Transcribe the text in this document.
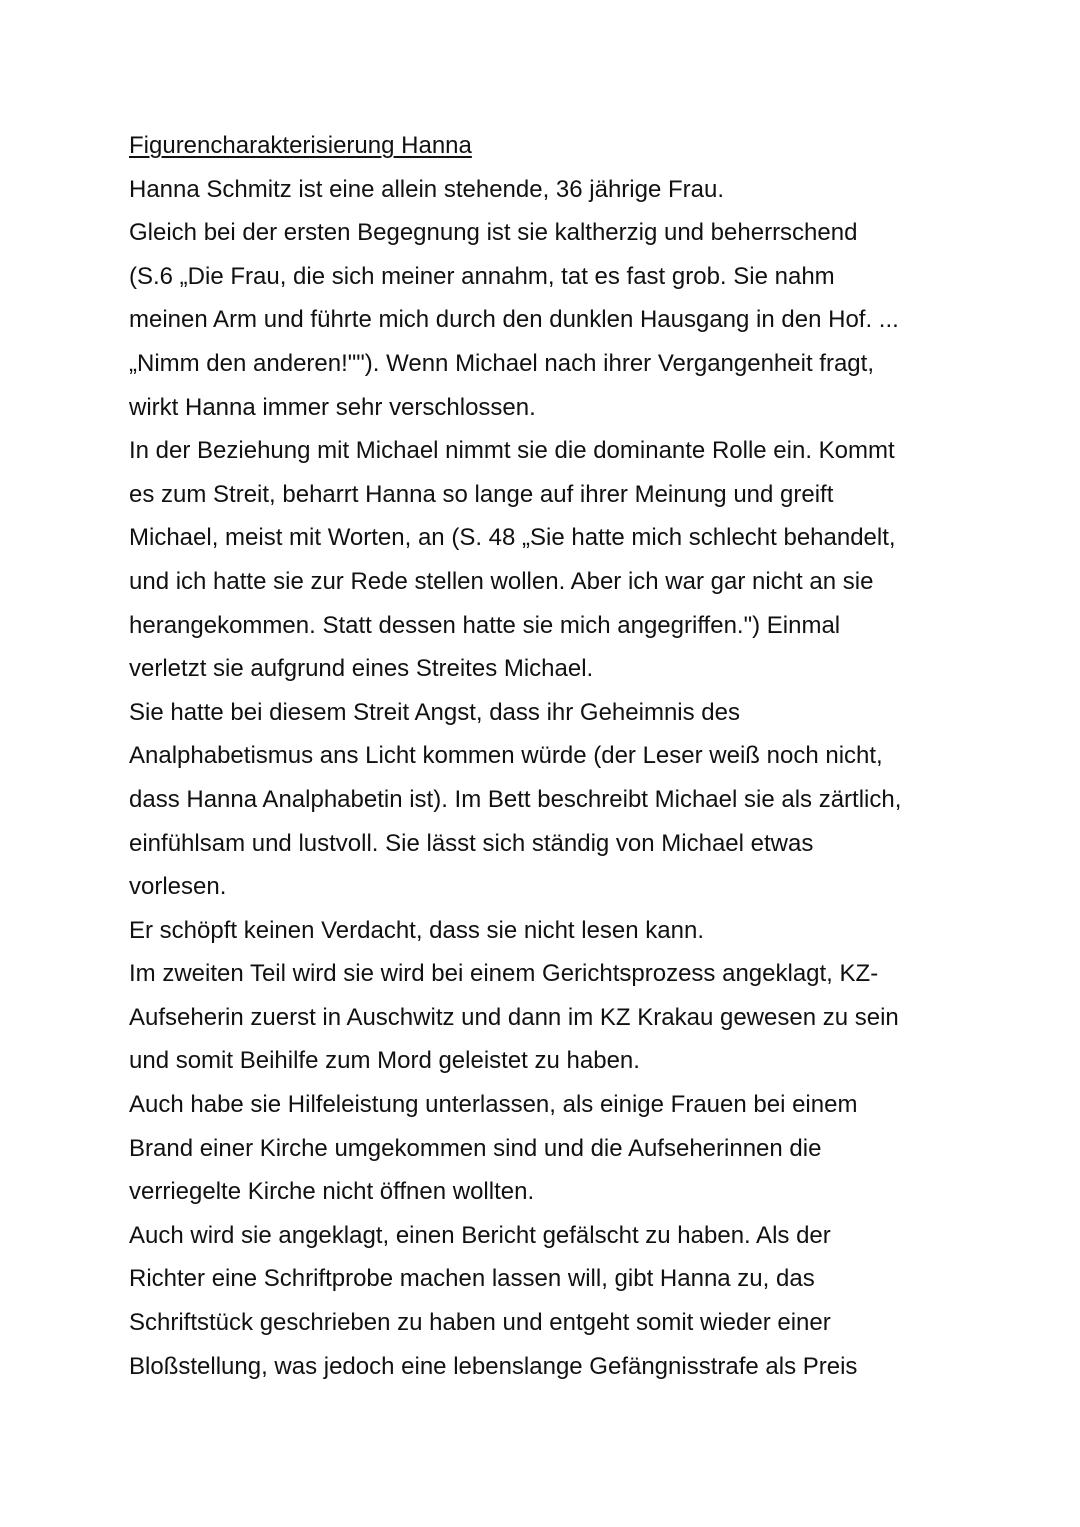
Figurencharakterisierung Hanna
Hanna Schmitz ist eine allein stehende, 36 jährige Frau.
Gleich bei der ersten Begegnung ist sie kaltherzig und beherrschend
(S.6 „Die Frau, die sich meiner annahm, tat es fast grob. Sie nahm
meinen Arm und führte mich durch den dunklen Hausgang in den Hof. ...
„Nimm den anderen!""). Wenn Michael nach ihrer Vergangenheit fragt,
wirkt Hanna immer sehr verschlossen.
In der Beziehung mit Michael nimmt sie die dominante Rolle ein. Kommt
es zum Streit, beharrt Hanna so lange auf ihrer Meinung und greift
Michael, meist mit Worten, an (S. 48 „Sie hatte mich schlecht behandelt,
und ich hatte sie zur Rede stellen wollen. Aber ich war gar nicht an sie
herangekommen. Statt dessen hatte sie mich angegriffen.") Einmal
verletzt sie aufgrund eines Streites Michael.
Sie hatte bei diesem Streit Angst, dass ihr Geheimnis des
Analphabetismus ans Licht kommen würde (der Leser weiß noch nicht,
dass Hanna Analphabetin ist). Im Bett beschreibt Michael sie als zärtlich,
einfühlsam und lustvoll. Sie lässt sich ständig von Michael etwas
vorlesen.
Er schöpft keinen Verdacht, dass sie nicht lesen kann.
Im zweiten Teil wird sie wird bei einem Gerichtsprozess angeklagt, KZ-
Aufseherin zuerst in Auschwitz und dann im KZ Krakau gewesen zu sein
und somit Beihilfe zum Mord geleistet zu haben.
Auch habe sie Hilfeleistung unterlassen, als einige Frauen bei einem
Brand einer Kirche umgekommen sind und die Aufseherinnen die
verriegelte Kirche nicht öffnen wollten.
Auch wird sie angeklagt, einen Bericht gefälscht zu haben. Als der
Richter eine Schriftprobe machen lassen will, gibt Hanna zu, das
Schriftstück geschrieben zu haben und entgeht somit wieder einer
Bloßstellung, was jedoch eine lebenslange Gefängnisstrafe als Preis
